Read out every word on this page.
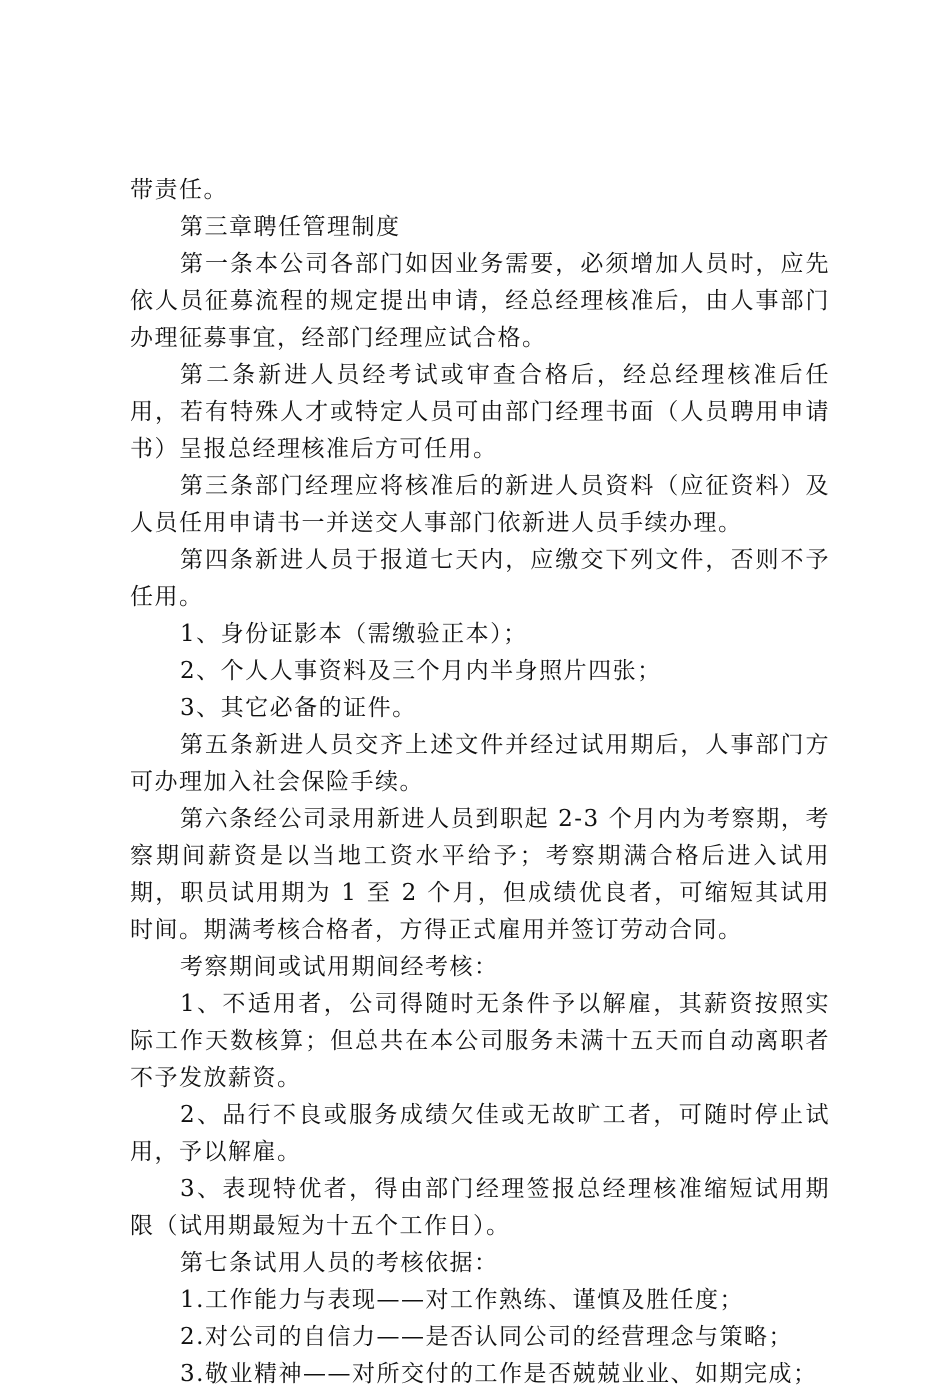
带责任。

第三章聘任管理制度

第一条本公司各部门如因业务需要，必须增加人员时，应先依人员征募流程的规定提出申请，经总经理核准后，由人事部门办理征募事宜，经部门经理应试合格。

第二条新进人员经考试或审查合格后，经总经理核准后任用，若有特殊人才或特定人员可由部门经理书面（人员聘用申请书）呈报总经理核准后方可任用。

第三条部门经理应将核准后的新进人员资料（应征资料）及人员任用申请书一并送交人事部门依新进人员手续办理。

第四条新进人员于报道七天内，应缴交下列文件，否则不予任用。

1、身份证影本（需缴验正本）；

2、个人人事资料及三个月内半身照片四张；

3、其它必备的证件。

第五条新进人员交齐上述文件并经过试用期后，人事部门方可办理加入社会保险手续。

第六条经公司录用新进人员到职起 2-3 个月内为考察期，考察期间薪资是以当地工资水平给予；考察期满合格后进入试用期，职员试用期为 1 至 2 个月，但成绩优良者，可缩短其试用时间。期满考核合格者，方得正式雇用并签订劳动合同。

考察期间或试用期间经考核：

1、不适用者，公司得随时无条件予以解雇，其薪资按照实际工作天数核算；但总共在本公司服务未满十五天而自动离职者不予发放薪资。

2、品行不良或服务成绩欠佳或无故旷工者，可随时停止试用，予以解雇。

3、表现特优者，得由部门经理签报总经理核准缩短试用期限（试用期最短为十五个工作日）。

第七条试用人员的考核依据：

1.工作能力与表现——对工作熟练、谨慎及胜任度；

2.对公司的自信力——是否认同公司的经营理念与策略；

3.敬业精神——对所交付的工作是否兢兢业业、如期完成；
